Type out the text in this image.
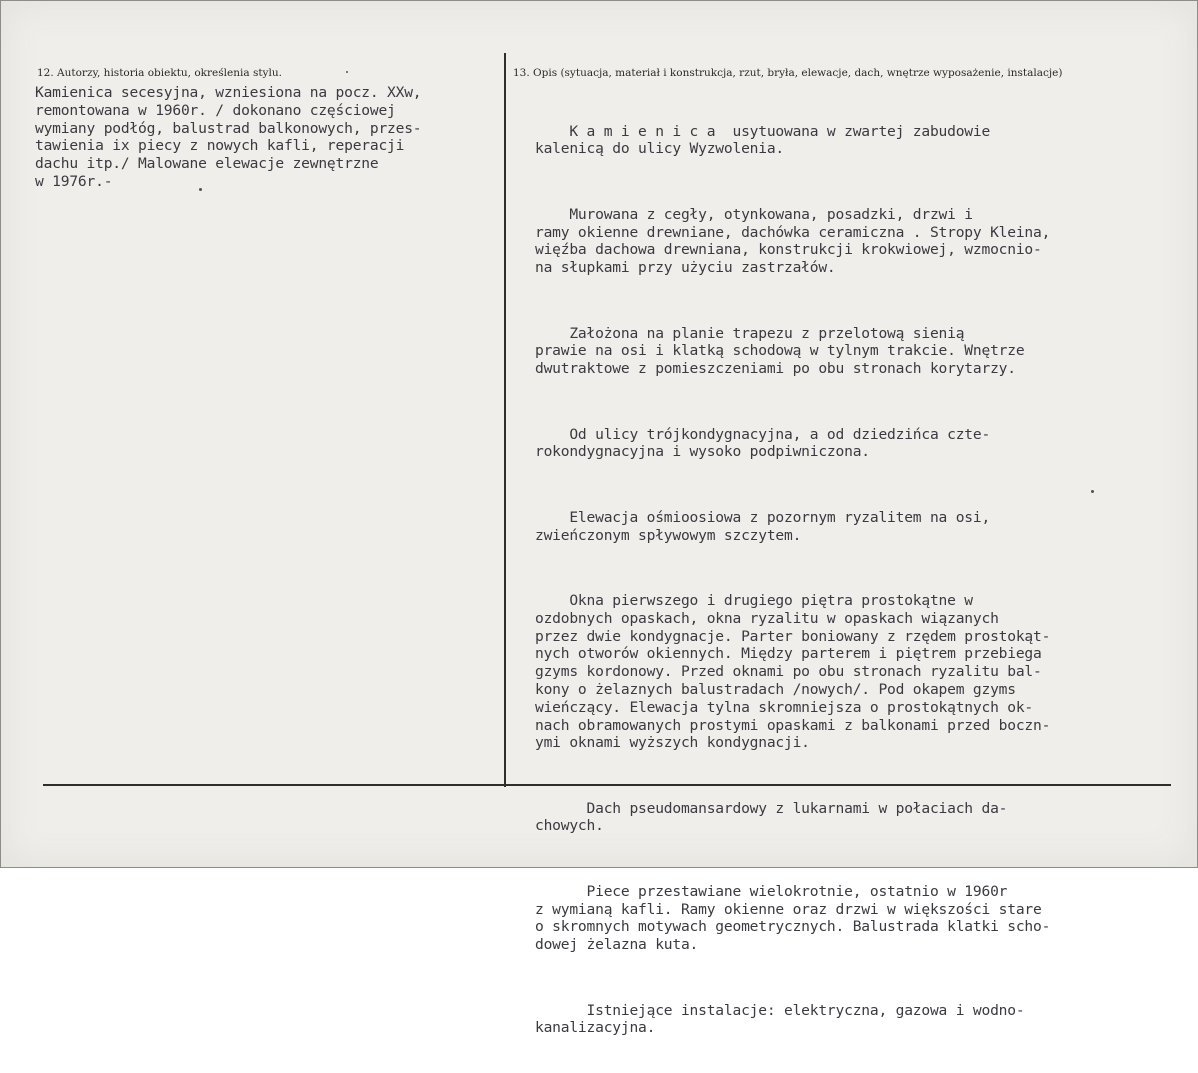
12. Autorzy, historia obiektu, określenia stylu.	13. Opis (sytuacja, materiał i konstrukcja, rzut, bryła, elewacje, dach, wnętrze wyposażenie, instalacje)
Kamienica secesyjna, wzniesiona na pocz. XXw,
remontowana w 1960r. / dokonano częściowej
wymiany podłóg, balustrad balkonowych, przes-
tawienia ix piecy z nowych kafli, reperacji
dachu itp./ Malowane elewacje zewnętrzne
w 1976r.-

K a m i e n i c a  usytuowana w zwartej zabudowie
kalenicą do ulicy Wyzwolenia.

Murowana z cegły, otynkowana, posadzki, drzwi i
ramy okienne drewniane, dachówka ceramiczna . Stropy Kleina,
więźba dachowa drewniana, konstrukcji krokwiowej, wzmocnio-
na słupkami przy użyciu zastrzałów.

Założona na planie trapezu z przelotową sienią
prawie na osi i klatką schodową w tylnym trakcie. Wnętrze
dwutraktowe z pomieszczeniami po obu stronach korytarzy.

Od ulicy trójkondygnacyjna, a od dziedzińca czte-
rokondygnacyjna i wysoko podpiwniczona.

Elewacja ośmioosiowa z pozornym ryzalitem na osi,
zwieńczonym spływowym szczytem.

Okna pierwszego i drugiego piętra prostokątne w
ozdobnych opaskach, okna ryzalitu w opaskach wiązanych
przez dwie kondygnacje. Parter boniowany z rzędem prostokąt-
nych otworów okiennych. Między parterem i piętrem przebiega
gzyms kordonowy. Przed oknami po obu stronach ryzalitu bal-
kony o żelaznych balustradach /nowych/. Pod okapem gzyms
wieńczący. Elewacja tylna skromniejsza o prostokątnych ok-
nach obramowanych prostymi opaskami z balkonami przed boczn-
ymi oknami wyższych kondygnacji.

Dach pseudomansardowy z lukarnami w połaciach da-
chowych.

Piece przestawiane wielokrotnie, ostatnio w 1960r
z wymianą kafli. Ramy okienne oraz drzwi w większości stare
o skromnych motywach geometrycznych. Balustrada klatki scho-
dowej żelazna kuta.

Istniejące instalacje: elektryczna, gazowa i wodno-
kanalizacyjna.
